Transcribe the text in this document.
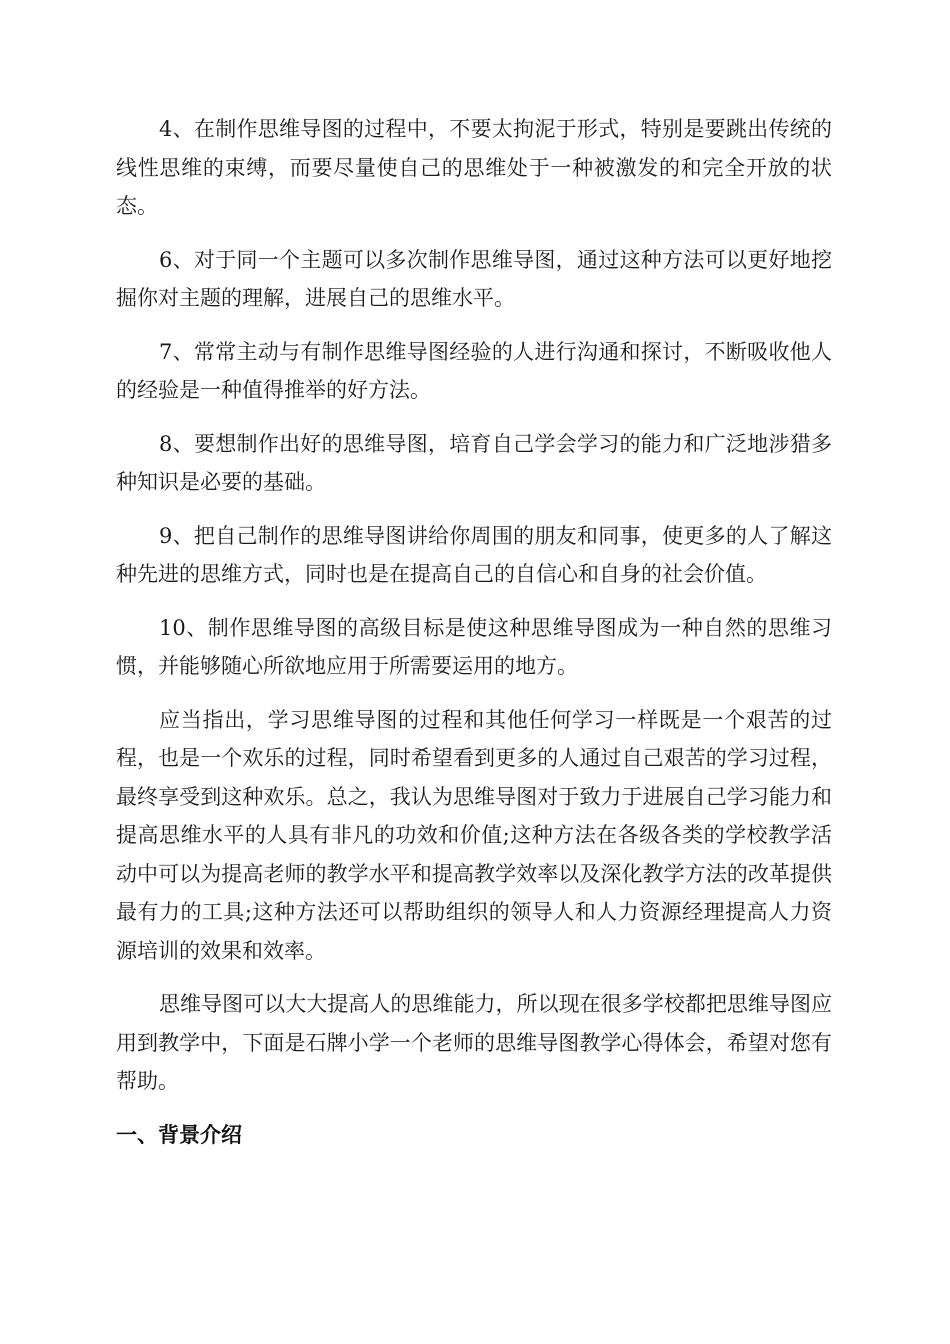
4、在制作思维导图的过程中，不要太拘泥于形式，特别是要跳出传统的线性思维的束缚，而要尽量使自己的思维处于一种被激发的和完全开放的状态。

6、对于同一个主题可以多次制作思维导图，通过这种方法可以更好地挖掘你对主题的理解，进展自己的思维水平。

7、常常主动与有制作思维导图经验的人进行沟通和探讨，不断吸收他人的经验是一种值得推举的好方法。

8、要想制作出好的思维导图，培育自己学会学习的能力和广泛地涉猎多种知识是必要的基础。

9、把自己制作的思维导图讲给你周围的朋友和同事，使更多的人了解这种先进的思维方式，同时也是在提高自己的自信心和自身的社会价值。

10、制作思维导图的高级目标是使这种思维导图成为一种自然的思维习惯，并能够随心所欲地应用于所需要运用的地方。

应当指出，学习思维导图的过程和其他任何学习一样既是一个艰苦的过程，也是一个欢乐的过程，同时希望看到更多的人通过自己艰苦的学习过程，最终享受到这种欢乐。总之，我认为思维导图对于致力于进展自己学习能力和提高思维水平的人具有非凡的功效和价值;这种方法在各级各类的学校教学活动中可以为提高老师的教学水平和提高教学效率以及深化教学方法的改革提供最有力的工具;这种方法还可以帮助组织的领导人和人力资源经理提高人力资源培训的效果和效率。

思维导图可以大大提高人的思维能力，所以现在很多学校都把思维导图应用到教学中，下面是石牌小学一个老师的思维导图教学心得体会，希望对您有帮助。

一、背景介绍
